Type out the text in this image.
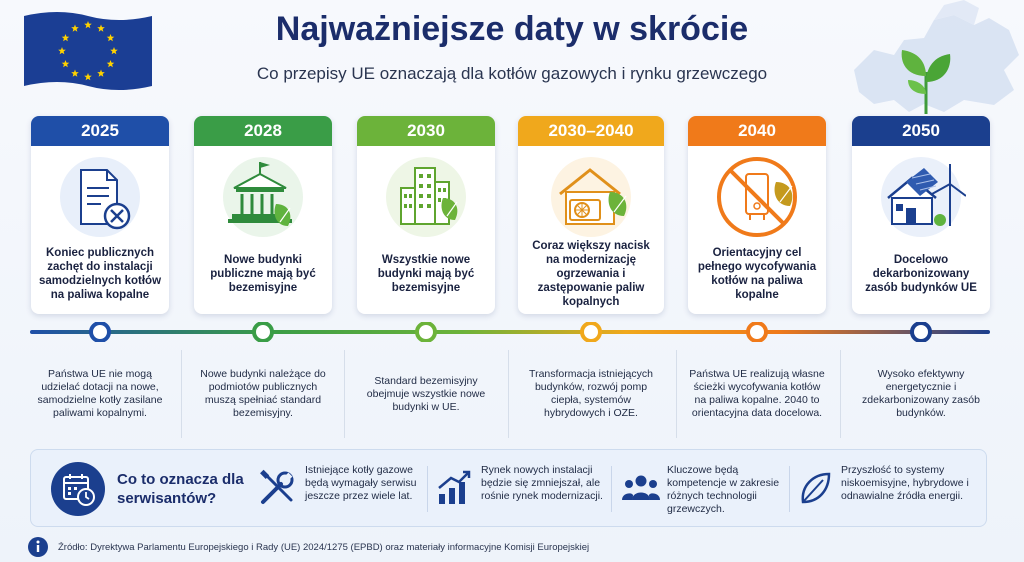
Najważniejsze daty w skrócie
Co przepisy UE oznaczają dla kotłów gazowych i rynku grzewczego
2025
Koniec publicznych zachęt do instalacji samodzielnych kotłów na paliwa kopalne
2028
Nowe budynki publiczne mają być bezemisyjne
2030
Wszystkie nowe budynki mają być bezemisyjne
2030–2040
Coraz większy nacisk na modernizację ogrzewania i zastępowanie paliw kopalnych
2040
Orientacyjny cel pełnego wycofywania kotłów na paliwa kopalne
2050
Docelowo dekarbonizowany zasób budynków UE
Państwa UE nie mogą udzielać dotacji na nowe, samodzielne kotły zasilane paliwami kopalnymi.
Nowe budynki należące do podmiotów publicznych muszą spełniać standard bezemisyjny.
Standard bezemisyjny obejmuje wszystkie nowe budynki w UE.
Transformacja istniejących budynków, rozwój pomp ciepła, systemów hybrydowych i OZE.
Państwa UE realizują własne ścieżki wycofywania kotłów na paliwa kopalne. 2040 to orientacyjna data docelowa.
Wysoko efektywny energetycznie i zdekarbonizowany zasób budynków.
Co to oznacza dla serwisantów?
Istniejące kotły gazowe będą wymagały serwisu jeszcze przez wiele lat.
Rynek nowych instalacji będzie się zmniejszał, ale rośnie rynek modernizacji.
Kluczowe będą kompetencje w zakresie różnych technologii grzewczych.
Przyszłość to systemy niskoemisyjne, hybrydowe i odnawialne źródła energii.
Źródło: Dyrektywa Parlamentu Europejskiego i Rady (UE) 2024/1275 (EPBD) oraz materiały informacyjne Komisji Europejskiej
